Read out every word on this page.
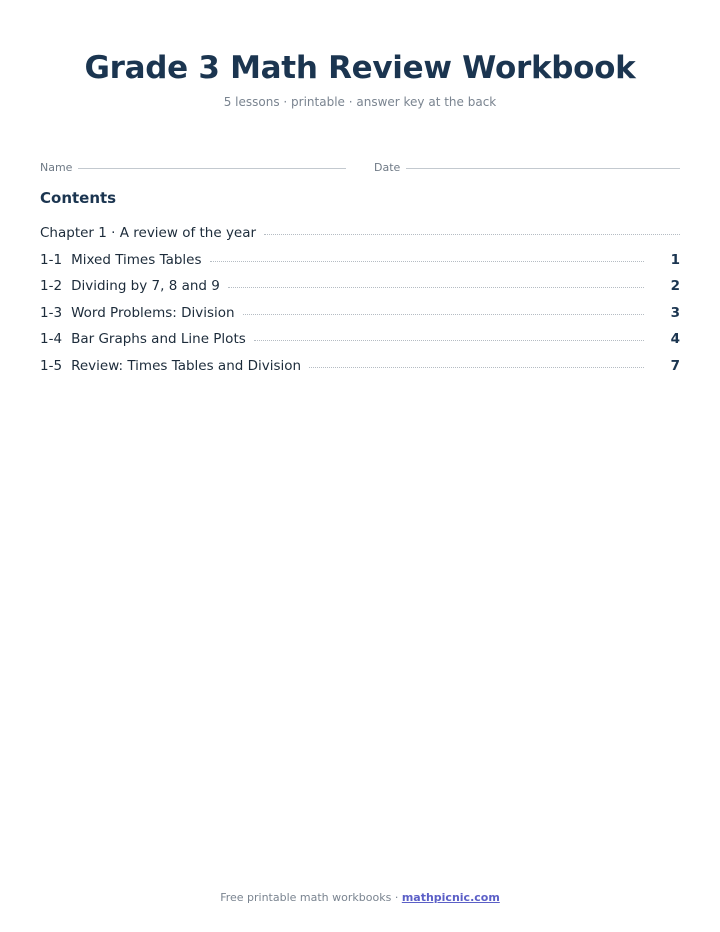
Grade 3 Math Review Workbook
5 lessons · printable · answer key at the back
Name	Date
Contents
Chapter 1 · A review of the year
1-1 Mixed Times Tables	1
1-2 Dividing by 7, 8 and 9	2
1-3 Word Problems: Division	3
1-4 Bar Graphs and Line Plots	4
1-5 Review: Times Tables and Division	7
Free printable math workbooks · mathpicnic.com
